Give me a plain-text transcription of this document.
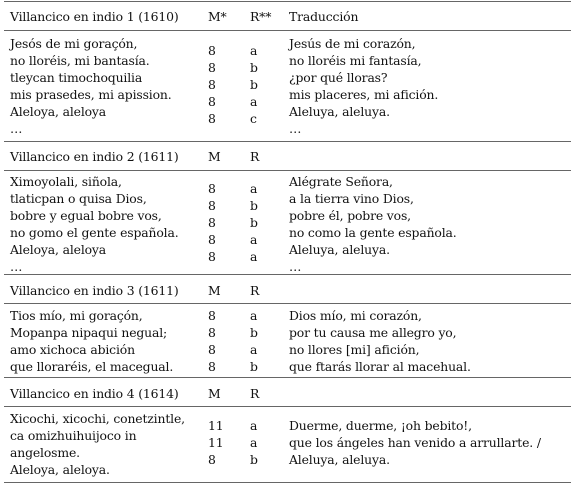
Villancico en indio 1 (1610) M* R** Traducción
Jesós de mi goraçón,
no lloréis, mi bantasía.
tleycan timochoquilia
mis prasedes, mi apission.
Aleloya, aleloya
…
8
8
8
8
8
a
b
b
a
c
Jesús de mi corazón,
no lloréis mi fantasía,
¿por qué lloras?
mis placeres, mi afición.
Aleluya, aleluya.
…
Villancico en indio 2 (1611) M R
Ximoyolali, siñola,
tlaticpan o quisa Dios,
bobre y egual bobre vos,
no gomo el gente española.
Aleloya, aleloya
…
8
8
8
8
8
a
b
b
a
a
Alégrate Señora,
a la tierra vino Dios,
pobre él, pobre vos,
no como la gente española.
Aleluya, aleluya.
…
Villancico en indio 3 (1611) M R
Tios mío, mi goraçón,
Mopanpa nipaqui negual;
amo xichoca abición
que lloraréis, el macegual.
8
8
8
8
a
b
a
b
Dios mío, mi corazón,
por tu causa me allegro yo,
no llores [mi] afición,
que ftarás llorar al macehual.
Villancico en indio 4 (1614) M R
Xicochi, xicochi, conetzintle,
ca omizhuihuijoco in
angelosme.
Aleloya, aleloya.
11
11
8
a
a
b
Duerme, duerme, ¡oh bebito!,
que los ángeles han venido a arrullarte. /
Aleluya, aleluya.
